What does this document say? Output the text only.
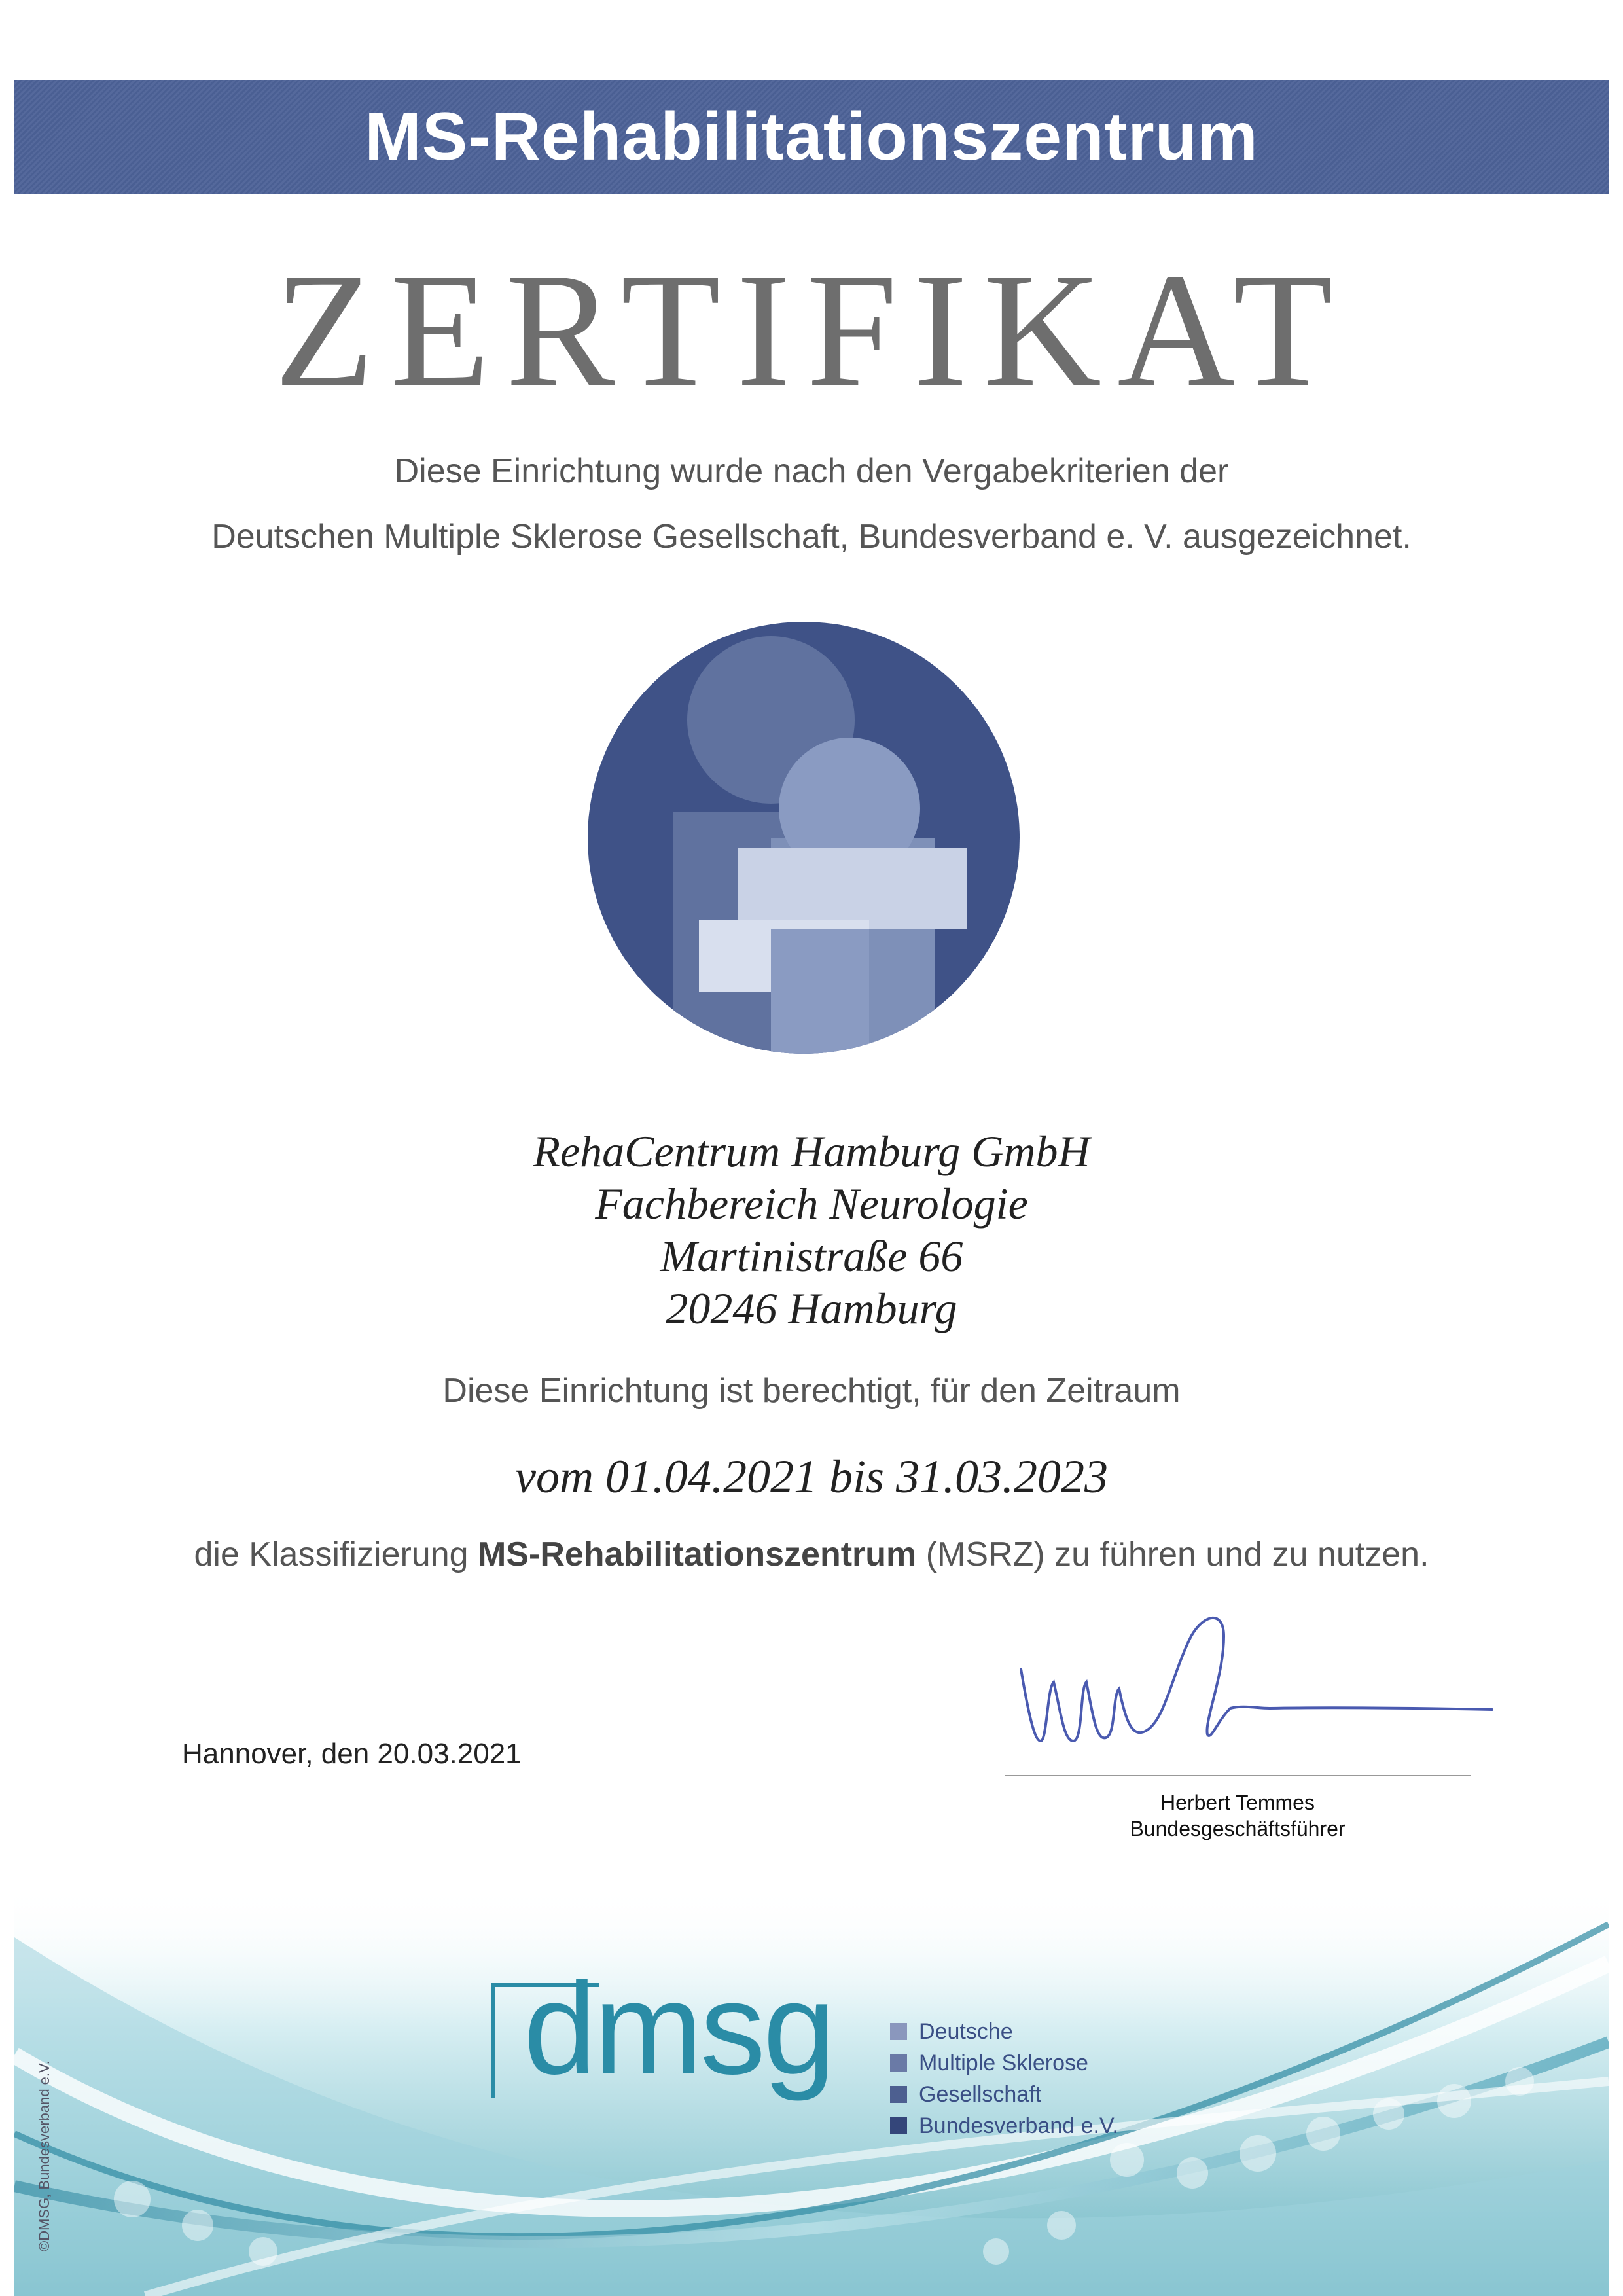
MS-Rehabilitationszentrum
ZERTIFIKAT
Diese Einrichtung wurde nach den Vergabekriterien der
Deutschen Multiple Sklerose Gesellschaft, Bundesverband e. V. ausgezeichnet.
RehaCentrum Hamburg GmbH
Fachbereich Neurologie
Martinistraße 66
20246 Hamburg
Diese Einrichtung ist berechtigt, für den Zeitraum
vom 01.04.2021 bis 31.03.2023
die Klassifizierung MS-Rehabilitationszentrum (MSRZ) zu führen und zu nutzen.
Hannover, den 20.03.2021
Herbert Temmes
Bundesgeschäftsführer
©DMSG, Bundesverband e.V.
dmsg	Deutsche
Multiple Sklerose
Gesellschaft
Bundesverband e.V.
